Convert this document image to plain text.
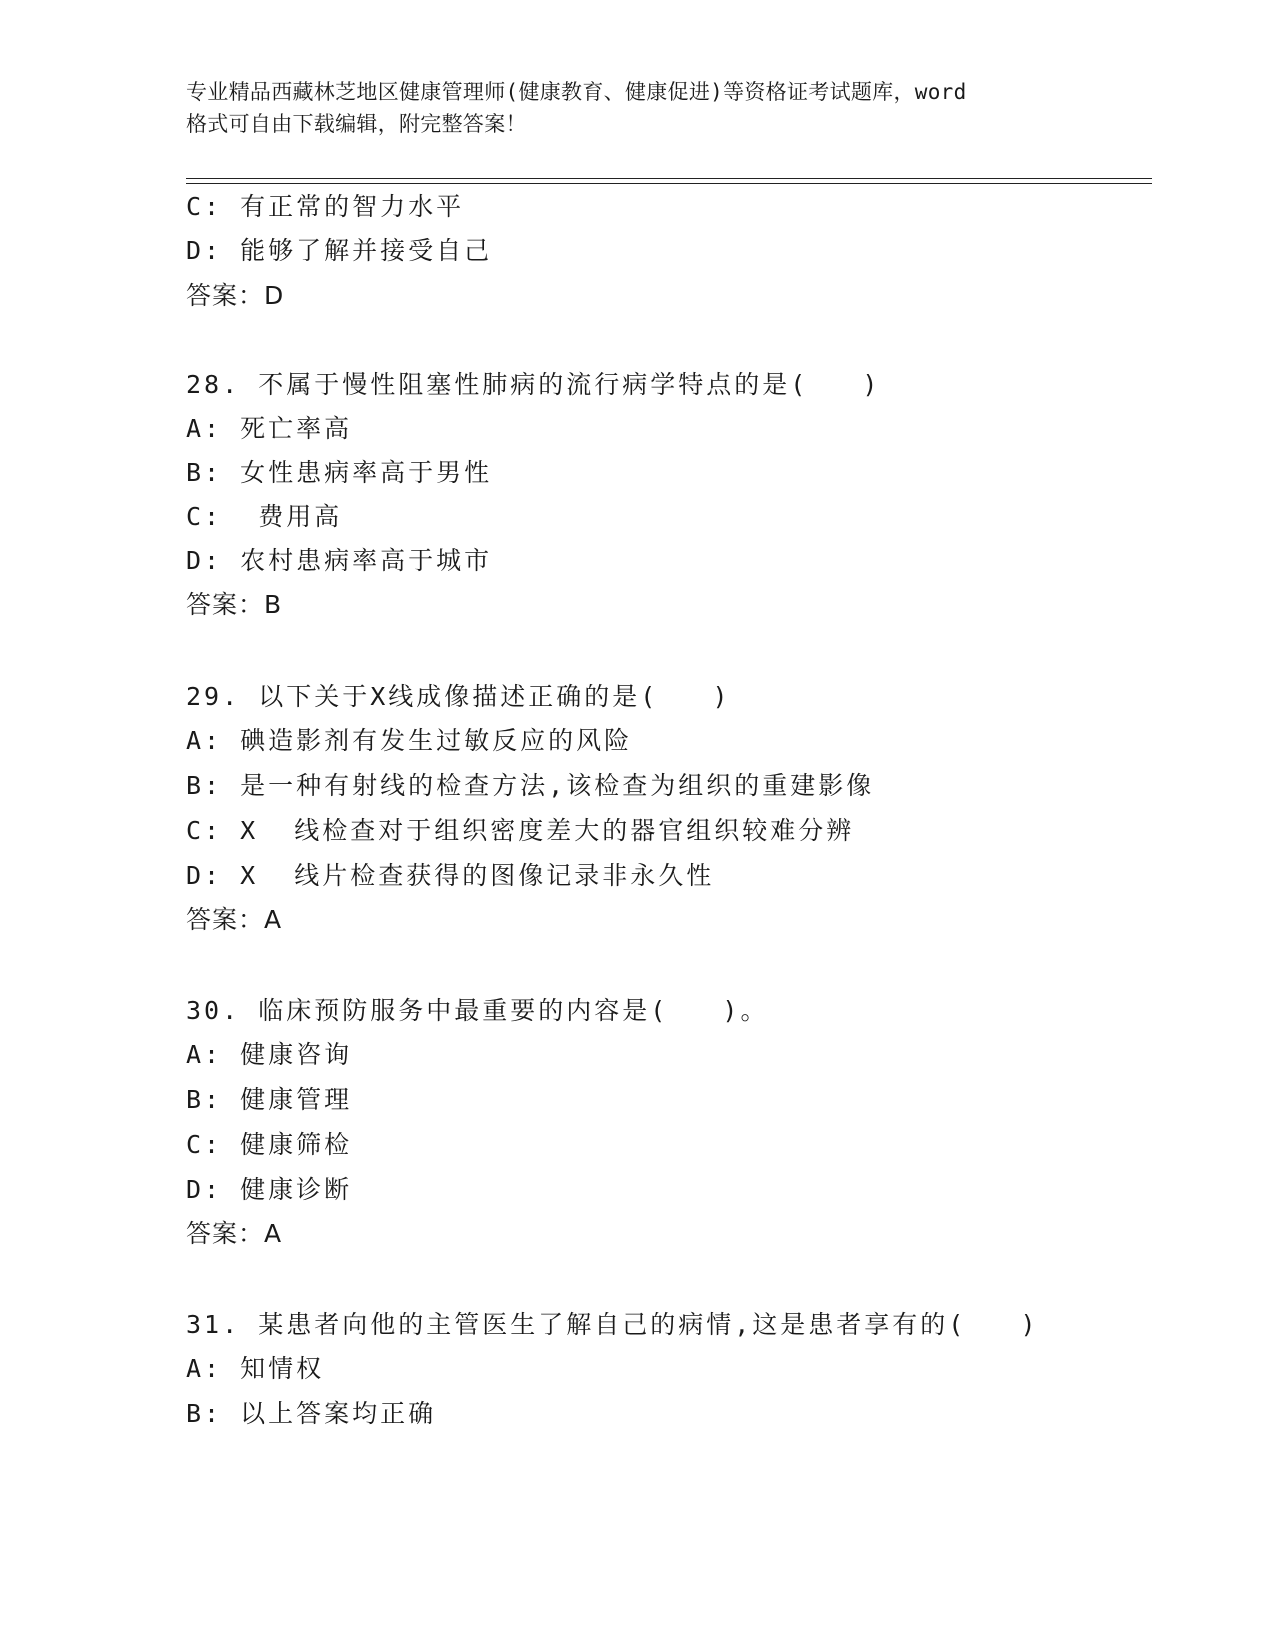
专业精品西藏林芝地区健康管理师(健康教育、健康促进)等资格证考试题库，word
格式可自由下载编辑，附完整答案！
C: 有正常的智力水平
D: 能够了解并接受自己
答案：D
28. 不属于慢性阻塞性肺病的流行病学特点的是(   )
A: 死亡率高
B: 女性患病率高于男性
C:  费用高
D: 农村患病率高于城市
答案：B
29. 以下关于X线成像描述正确的是(   )
A: 碘造影剂有发生过敏反应的风险
B: 是一种有射线的检查方法,该检查为组织的重建影像
C: X  线检查对于组织密度差大的器官组织较难分辨
D: X  线片检查获得的图像记录非永久性
答案：A
30. 临床预防服务中最重要的内容是(   )。
A: 健康咨询
B: 健康管理
C: 健康筛检
D: 健康诊断
答案：A
31. 某患者向他的主管医生了解自己的病情,这是患者享有的(   )
A: 知情权
B: 以上答案均正确
